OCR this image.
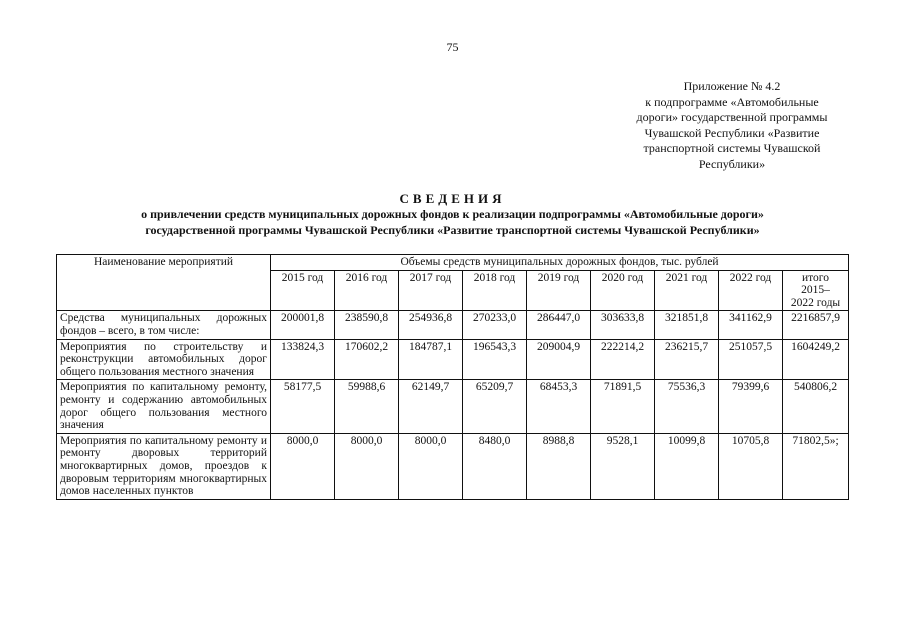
75
Приложение № 4.2
к подпрограмме «Автомобильные
дороги» государственной программы
Чувашской Республики «Развитие
транспортной системы Чувашской
Республики»
СВЕДЕНИЯ
о привлечении средств муниципальных дорожных фондов к реализации подпрограммы «Автомобильные дороги»
государственной программы Чувашской Республики «Развитие транспортной системы Чувашской Республики»
Наименование мероприятий	Объемы средств муниципальных дорожных фондов, тыс. рублей								
	2015 год	2016 год	2017 год	2018 год	2019 год	2020 год	2021 год	2022 год	итого
2015–
2022 годы

Средства муниципальных дорожных фондов – всего, в том числе:	200001,8	238590,8	254936,8	270233,0	286447,0	303633,8	321851,8	341162,9	2216857,9
Мероприятия по строительству и реконструкции автомобильных дорог общего пользования местного значения	133824,3	170602,2	184787,1	196543,3	209004,9	222214,2	236215,7	251057,5	1604249,2
Мероприятия по капитальному ремонту, ремонту и содержанию автомобильных дорог общего пользования местного значения	58177,5	59988,6	62149,7	65209,7	68453,3	71891,5	75536,3	79399,6	540806,2
Мероприятия по капитальному ремонту и ремонту дворовых территорий многоквартирных домов, проездов к дворовым территориям многоквартирных домов населенных пунктов	8000,0	8000,0	8000,0	8480,0	8988,8	9528,1	10099,8	10705,8	71802,5»;
